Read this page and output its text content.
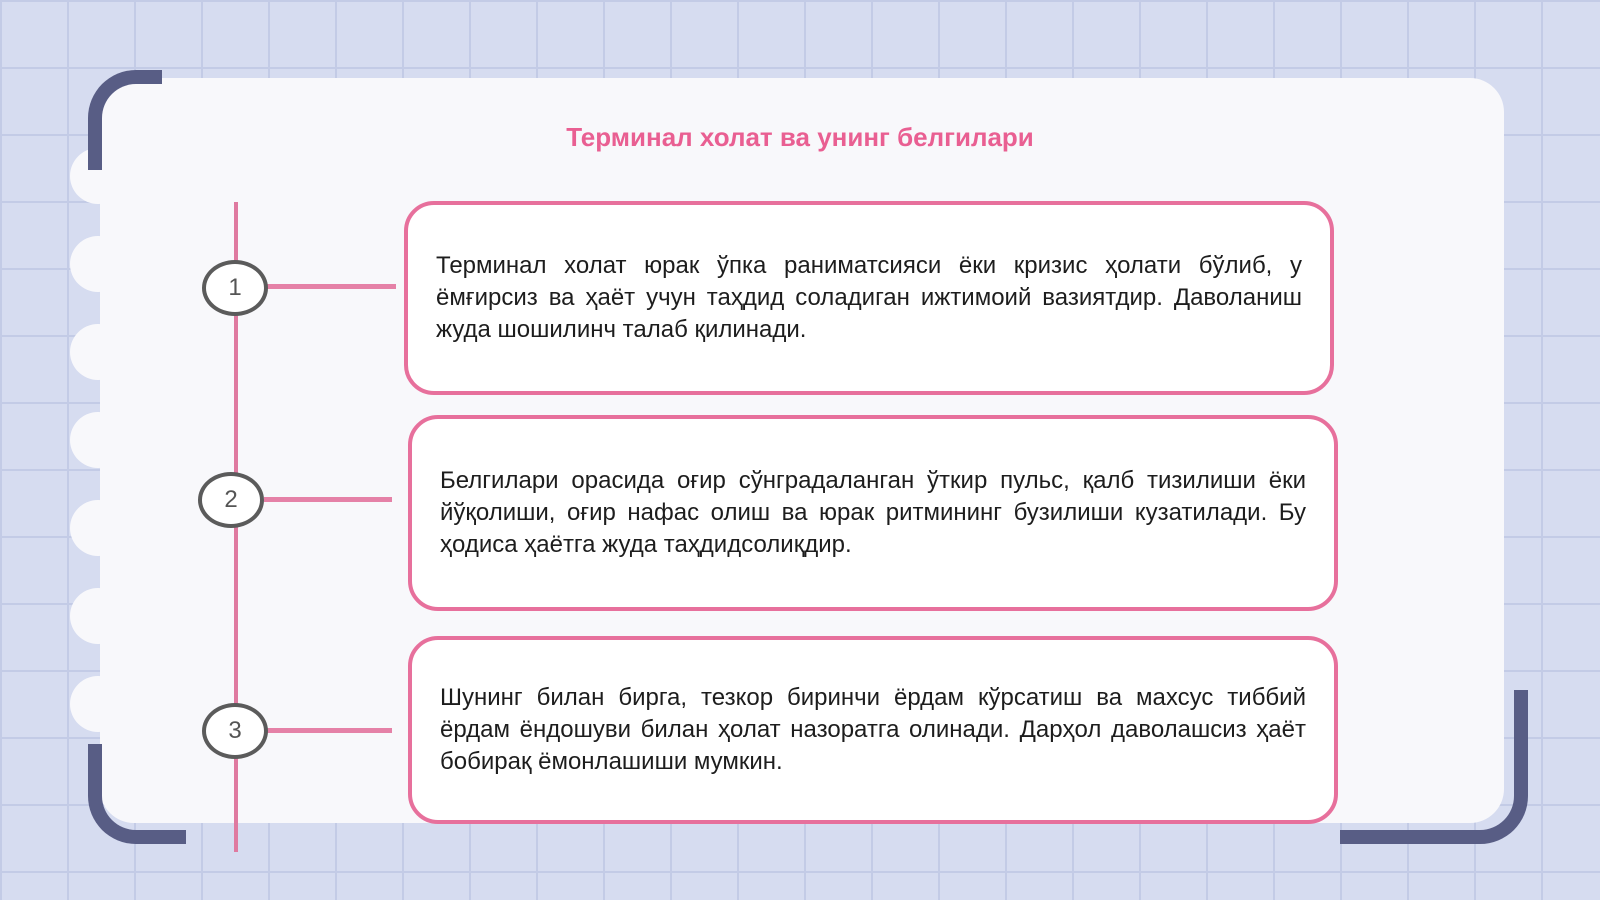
Терминал холат ва унинг белгилари
1
2
3

Терминал холат юрак ўпка раниматсияси ёки кризис ҳолати бўлиб, у ёмғирсиз ва ҳаёт учун таҳдид соладиган ижтимоий вазиятдир. Даволаниш жуда шошилинч талаб қилинади.

Белгилари орасида оғир сўнградаланган ўткир пульс, қалб тизилиши ёки йўқолиши, оғир нафас олиш ва юрак ритмининг бузилиши кузатилади. Бу ҳодиса ҳаётга жуда таҳдидсолиқдир.

Шунинг билан бирга, тезкор биринчи ёрдам кўрсатиш ва махсус тиббий ёрдам ёндошуви билан ҳолат назоратга олинади. Дарҳол даволашсиз ҳаёт бобирақ ёмонлашиши мумкин.
